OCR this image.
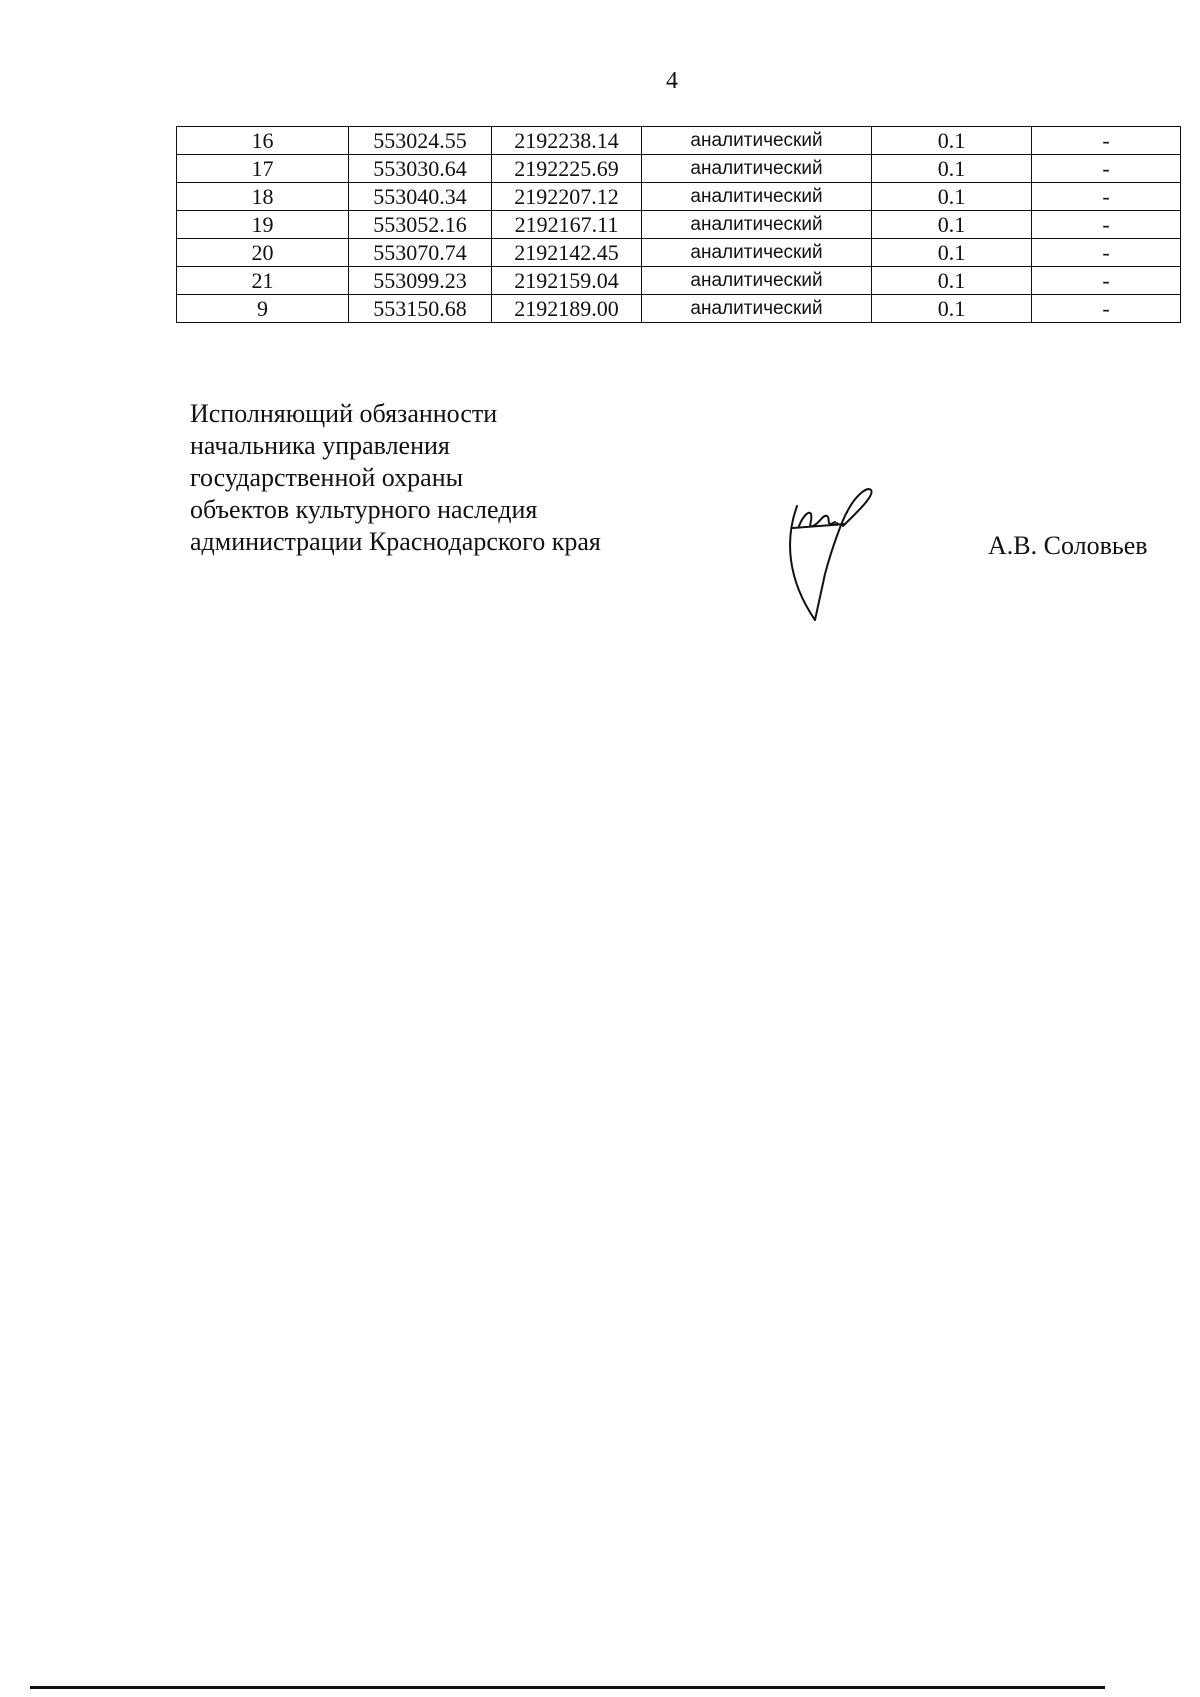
4
16	553024.55	2192238.14	аналитический	0.1	-
17	553030.64	2192225.69	аналитический	0.1	-
18	553040.34	2192207.12	аналитический	0.1	-
19	553052.16	2192167.11	аналитический	0.1	-
20	553070.74	2192142.45	аналитический	0.1	-
21	553099.23	2192159.04	аналитический	0.1	-
9	553150.68	2192189.00	аналитический	0.1	-
Исполняющий обязанности
начальника управления
государственной охраны
объектов культурного наследия
администрации Краснодарского края	А.В. Соловьев
